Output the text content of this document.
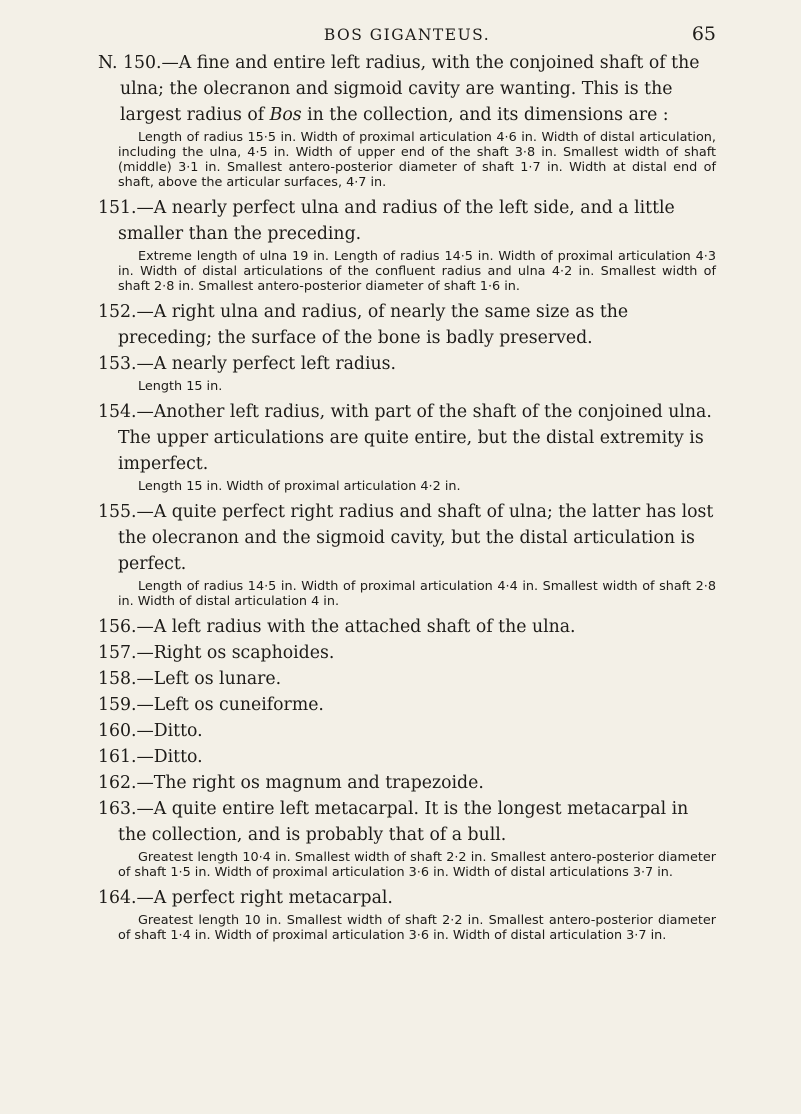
BOS GIGANTEUS.	65

N. 150.—A fine and entire left radius, with the conjoined shaft of the ulna; the olecranon and sigmoid cavity are wanting. This is the largest radius of Bos in the collection, and its dimensions are :

Length of radius 15·5 in. Width of proximal articulation 4·6 in. Width of distal articulation, including the ulna, 4·5 in. Width of upper end of the shaft 3·8 in. Smallest width of shaft (middle) 3·1 in. Smallest antero-posterior diameter of shaft 1·7 in. Width at distal end of shaft, above the articular surfaces, 4·7 in.

151.—A nearly perfect ulna and radius of the left side, and a little smaller than the preceding.

Extreme length of ulna 19 in. Length of radius 14·5 in. Width of proximal articulation 4·3 in. Width of distal articulations of the confluent radius and ulna 4·2 in. Smallest width of shaft 2·8 in. Smallest antero-posterior diameter of shaft 1·6 in.

152.—A right ulna and radius, of nearly the same size as the preceding; the surface of the bone is badly preserved.

153.—A nearly perfect left radius.

Length 15 in.

154.—Another left radius, with part of the shaft of the conjoined ulna. The upper articulations are quite entire, but the distal extremity is imperfect.

Length 15 in. Width of proximal articulation 4·2 in.

155.—A quite perfect right radius and shaft of ulna; the latter has lost the olecranon and the sigmoid cavity, but the distal articulation is perfect.

Length of radius 14·5 in. Width of proximal articulation 4·4 in. Smallest width of shaft 2·8 in. Width of distal articulation 4 in.

156.—A left radius with the attached shaft of the ulna.

157.—Right os scaphoides.

158.—Left os lunare.

159.—Left os cuneiforme.

160.—Ditto.

161.—Ditto.

162.—The right os magnum and trapezoide.

163.—A quite entire left metacarpal. It is the longest metacarpal in the collection, and is probably that of a bull.

Greatest length 10·4 in. Smallest width of shaft 2·2 in. Smallest antero-posterior diameter of shaft 1·5 in. Width of proximal articulation 3·6 in. Width of distal articulations 3·7 in.

164.—A perfect right metacarpal.

Greatest length 10 in. Smallest width of shaft 2·2 in. Smallest antero-posterior diameter of shaft 1·4 in. Width of proximal articulation 3·6 in. Width of distal articulation 3·7 in.
